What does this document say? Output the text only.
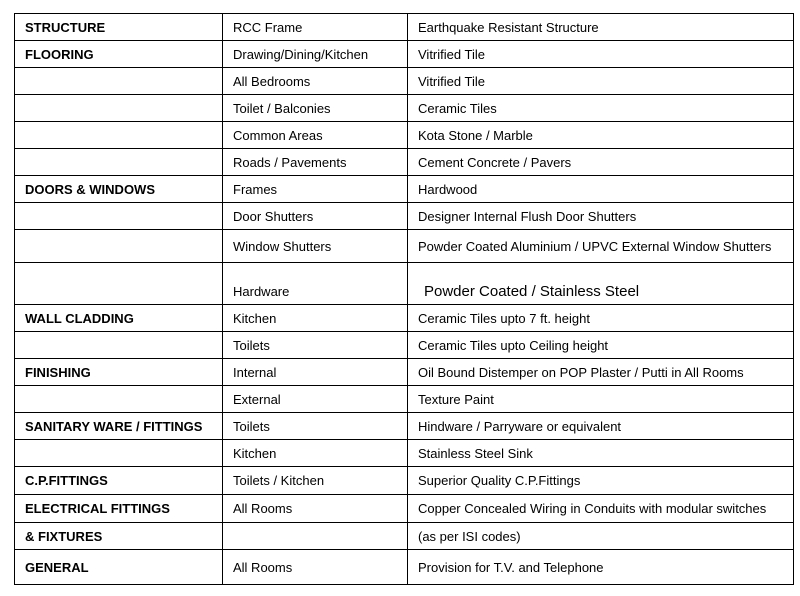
STRUCTURE	RCC Frame	Earthquake Resistant Structure
FLOORING	Drawing/Dining/Kitchen	Vitrified Tile
	All Bedrooms	Vitrified Tile
	Toilet / Balconies	Ceramic Tiles
	Common Areas	Kota Stone / Marble
	Roads / Pavements	Cement Concrete / Pavers
DOORS & WINDOWS	Frames	Hardwood
	Door Shutters	Designer Internal Flush Door Shutters
	Window Shutters	Powder Coated Aluminium / UPVC External Window Shutters
	Hardware	Powder Coated / Stainless Steel
WALL CLADDING	Kitchen	Ceramic Tiles upto 7 ft. height
	Toilets	Ceramic Tiles upto Ceiling height
FINISHING	Internal	Oil Bound Distemper on POP Plaster / Putti in All Rooms
	External	Texture Paint
SANITARY WARE / FITTINGS	Toilets	Hindware / Parryware or equivalent
	Kitchen	Stainless Steel Sink
C.P.FITTINGS	Toilets / Kitchen	Superior Quality C.P.Fittings
ELECTRICAL FITTINGS	All Rooms	Copper Concealed Wiring in Conduits with modular switches
& FIXTURES		(as per ISI codes)
GENERAL	All Rooms	Provision for T.V. and Telephone
